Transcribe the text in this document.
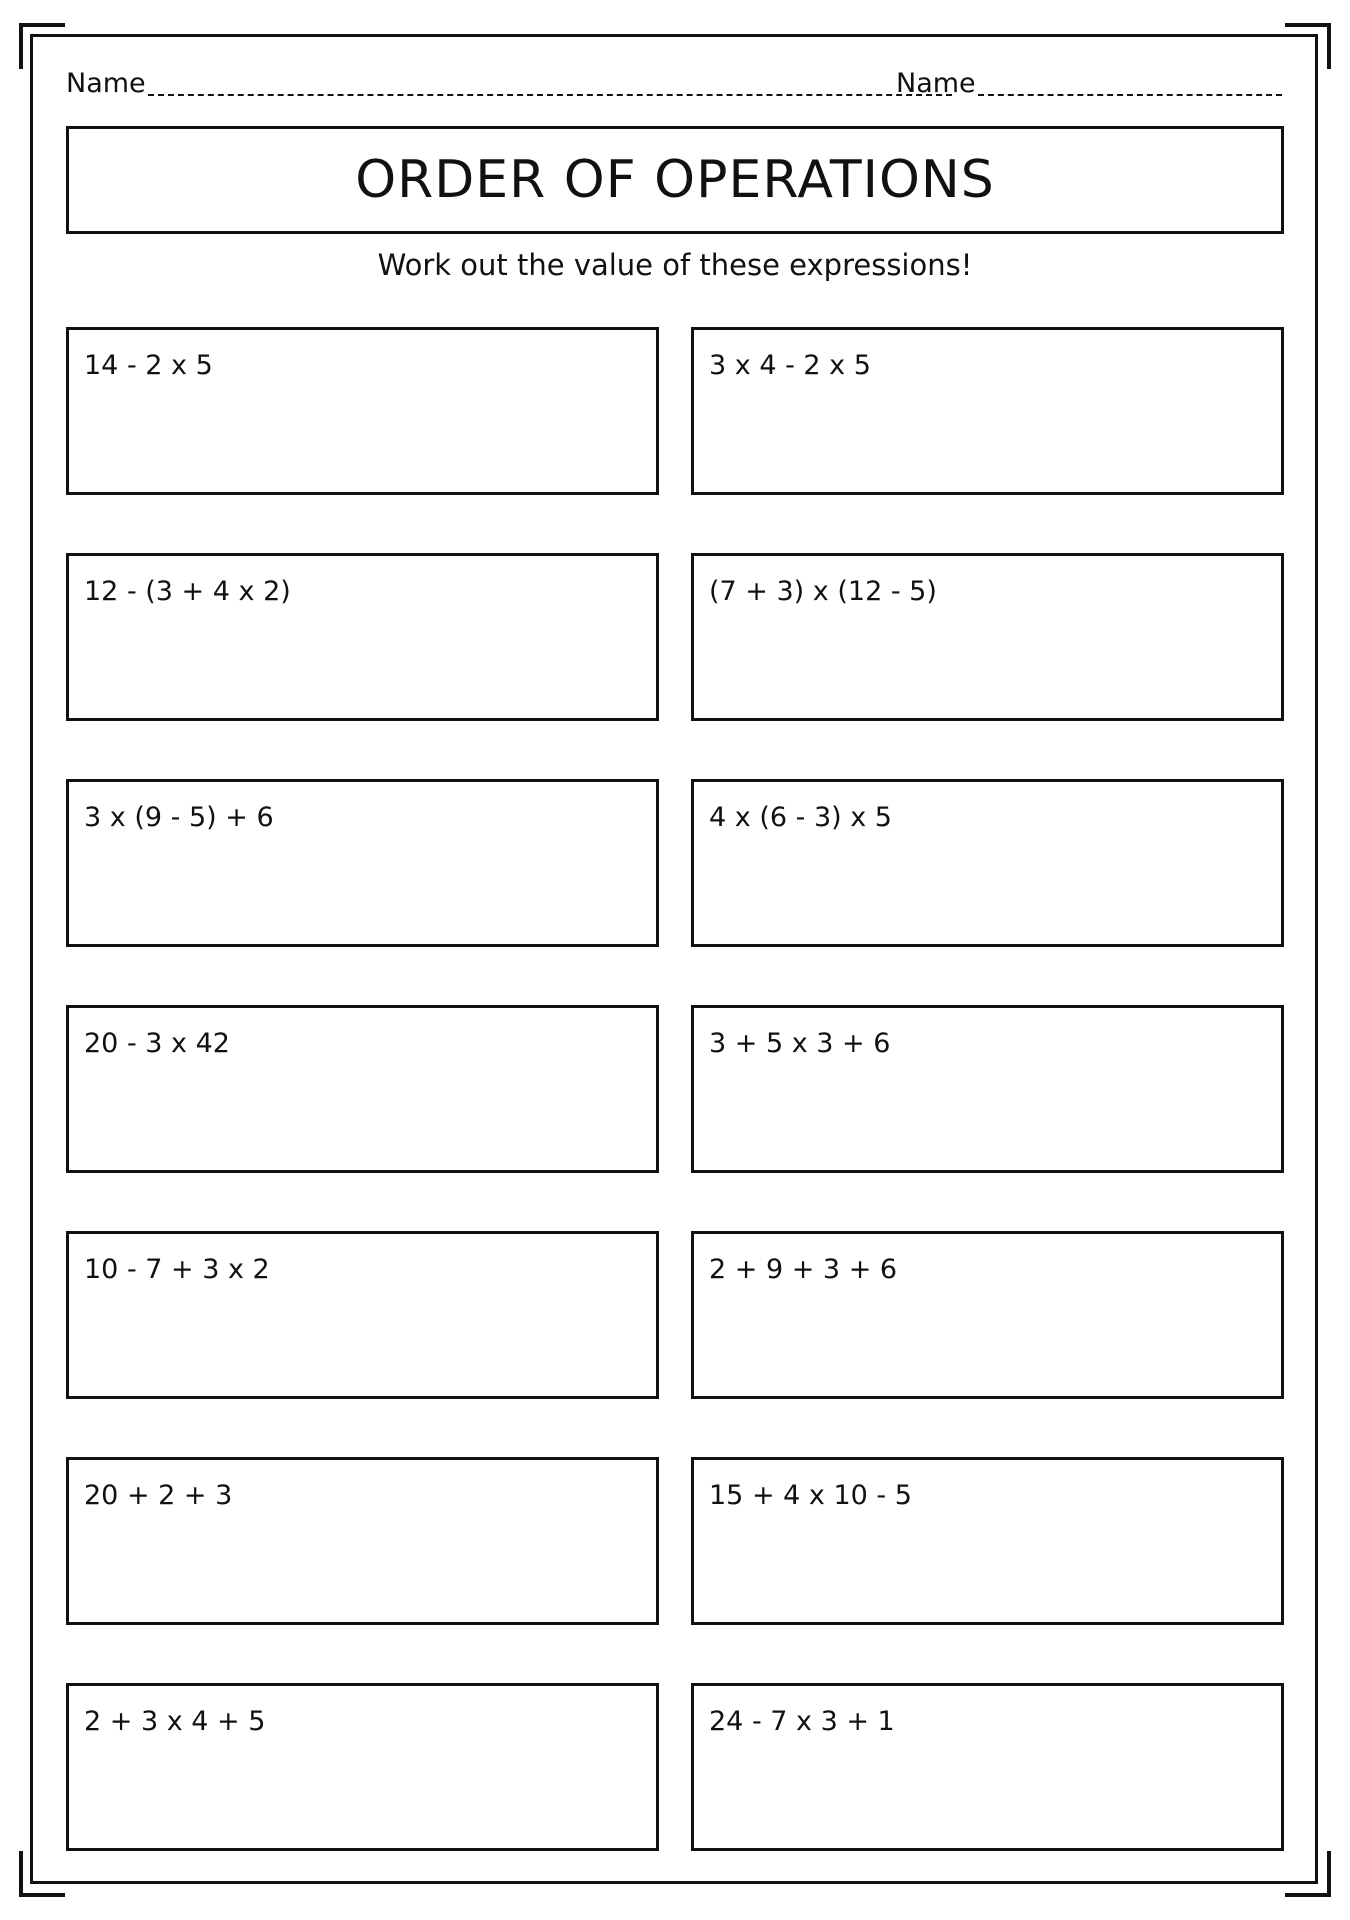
Name	Name
ORDER OF OPERATIONS
Work out the value of these expressions!
14 - 2 x 5	3 x 4 - 2 x 5
12 - (3 + 4 x 2)	(7 + 3) x (12 - 5)
3 x (9 - 5) + 6	4 x (6 - 3) x 5
20 - 3 x 42	3 + 5 x 3 + 6
10 - 7 + 3 x 2	2 + 9 + 3 + 6
20 + 2 + 3	15 + 4 x 10 - 5
2 + 3 x 4 + 5	24 - 7 x 3 + 1
